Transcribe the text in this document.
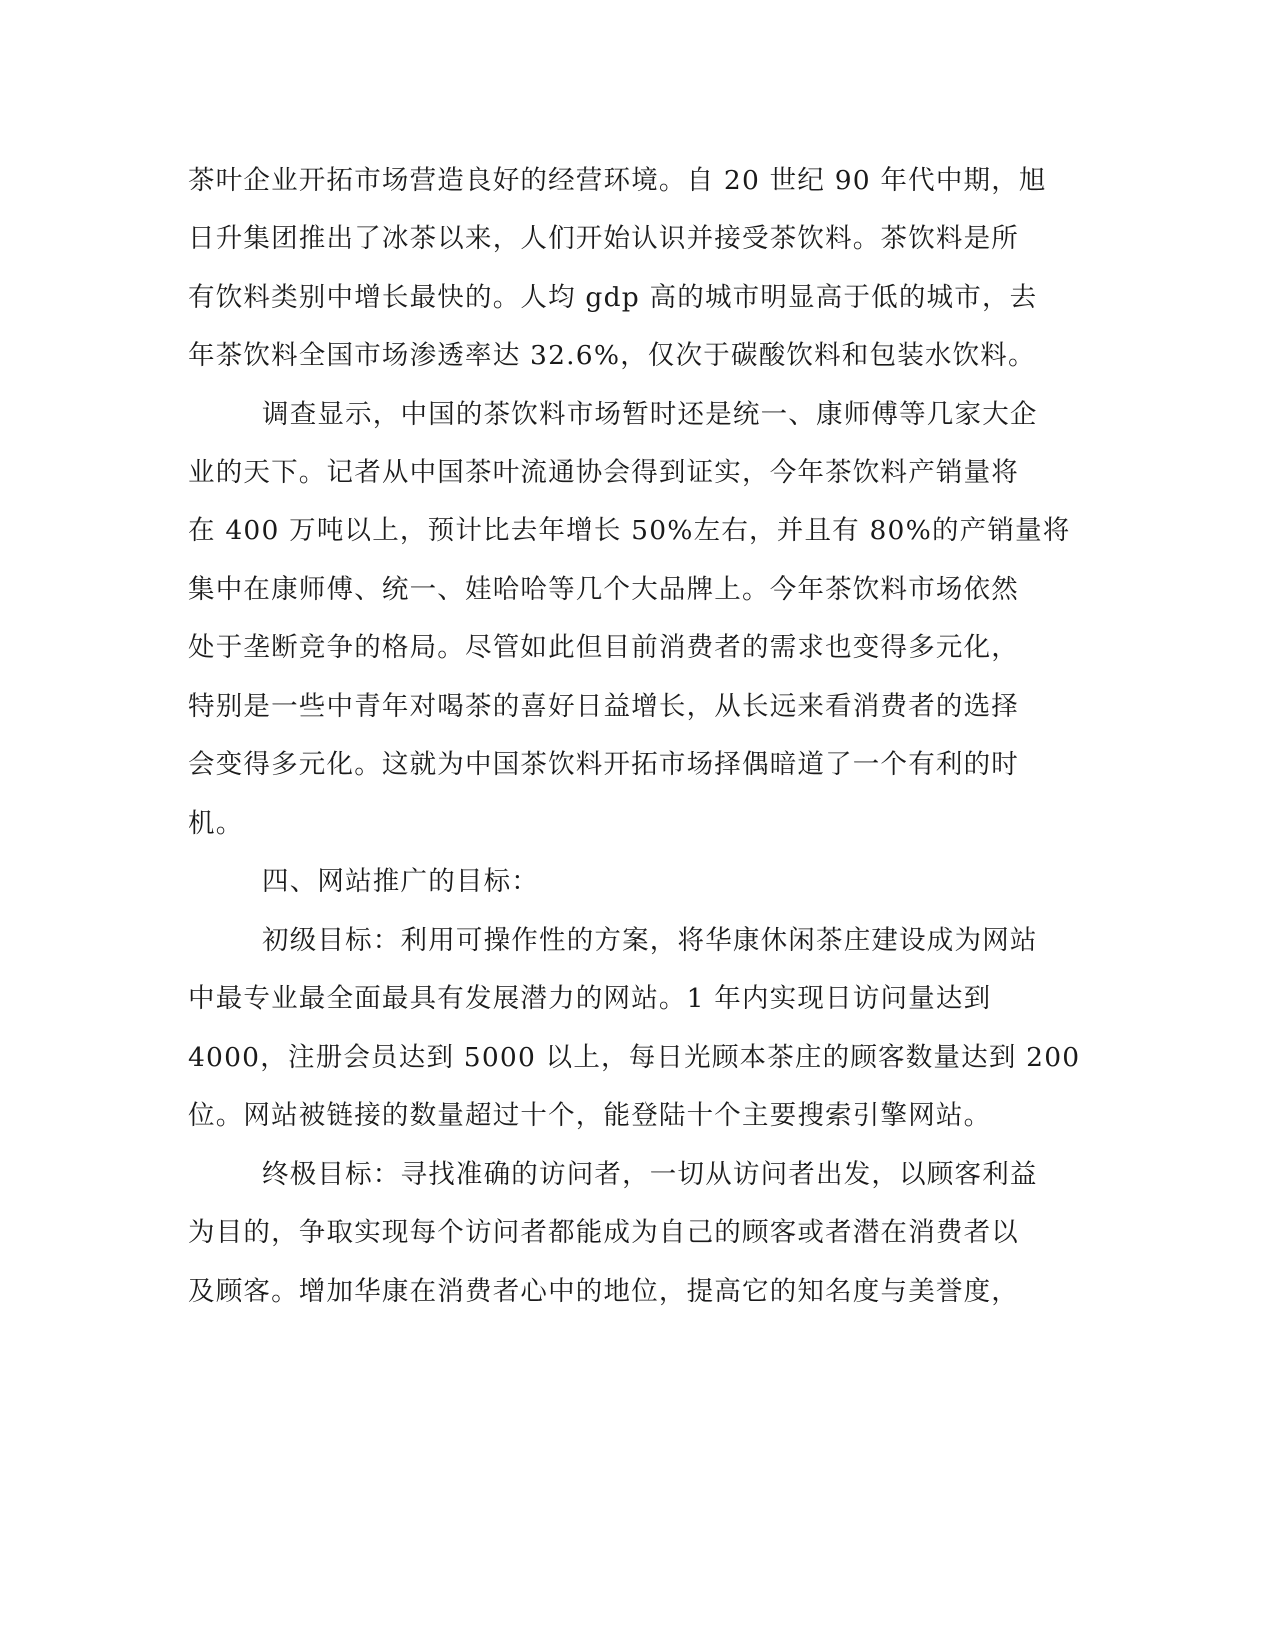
茶叶企业开拓市场营造良好的经营环境。自 20 世纪 90 年代中期，旭

日升集团推出了冰茶以来，人们开始认识并接受茶饮料。茶饮料是所

有饮料类别中增长最快的。人均 gdp 高的城市明显高于低的城市，去

年茶饮料全国市场渗透率达 32.6%，仅次于碳酸饮料和包装水饮料。

调查显示，中国的茶饮料市场暂时还是统一、康师傅等几家大企

业的天下。记者从中国茶叶流通协会得到证实，今年茶饮料产销量将

在 400 万吨以上，预计比去年增长 50%左右，并且有 80%的产销量将

集中在康师傅、统一、娃哈哈等几个大品牌上。今年茶饮料市场依然

处于垄断竞争的格局。尽管如此但目前消费者的需求也变得多元化，

特别是一些中青年对喝茶的喜好日益增长，从长远来看消费者的选择

会变得多元化。这就为中国茶饮料开拓市场择偶暗道了一个有利的时

机。

四、网站推广的目标：

初级目标：利用可操作性的方案，将华康休闲茶庄建设成为网站

中最专业最全面最具有发展潜力的网站。1 年内实现日访问量达到

4000，注册会员达到 5000 以上，每日光顾本茶庄的顾客数量达到 200

位。网站被链接的数量超过十个，能登陆十个主要搜索引擎网站。

终极目标：寻找准确的访问者，一切从访问者出发，以顾客利益

为目的，争取实现每个访问者都能成为自己的顾客或者潜在消费者以

及顾客。增加华康在消费者心中的地位，提高它的知名度与美誉度，
